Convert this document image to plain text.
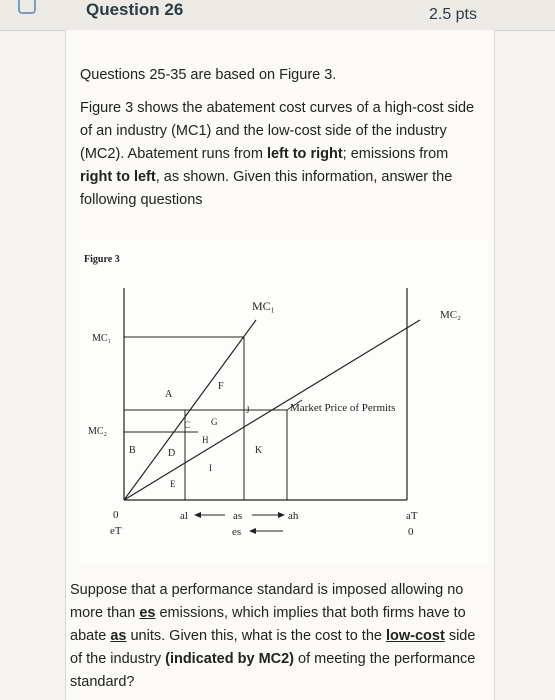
Question 26	2.5 pts

Questions 25-35 are based on Figure 3.

Figure 3 shows the abatement cost curves of a high-cost side of an industry (MC1) and the low-cost side of the industry (MC2). Abatement runs from left to right; emissions from right to left, as shown. Given this information, answer the following questions

Figure 3
MC₁
MC₂
MC₁
MC₂
Market Price of Permits
A
B
C
D
E
F
G
H
I
J
K
0
eT
al	as	ah
es
aT
0
Suppose that a performance standard is imposed allowing no more than es emissions, which implies that both firms have to abate as units. Given this, what is the cost to the low-cost side of the industry (indicated by MC2) of meeting the performance standard?
